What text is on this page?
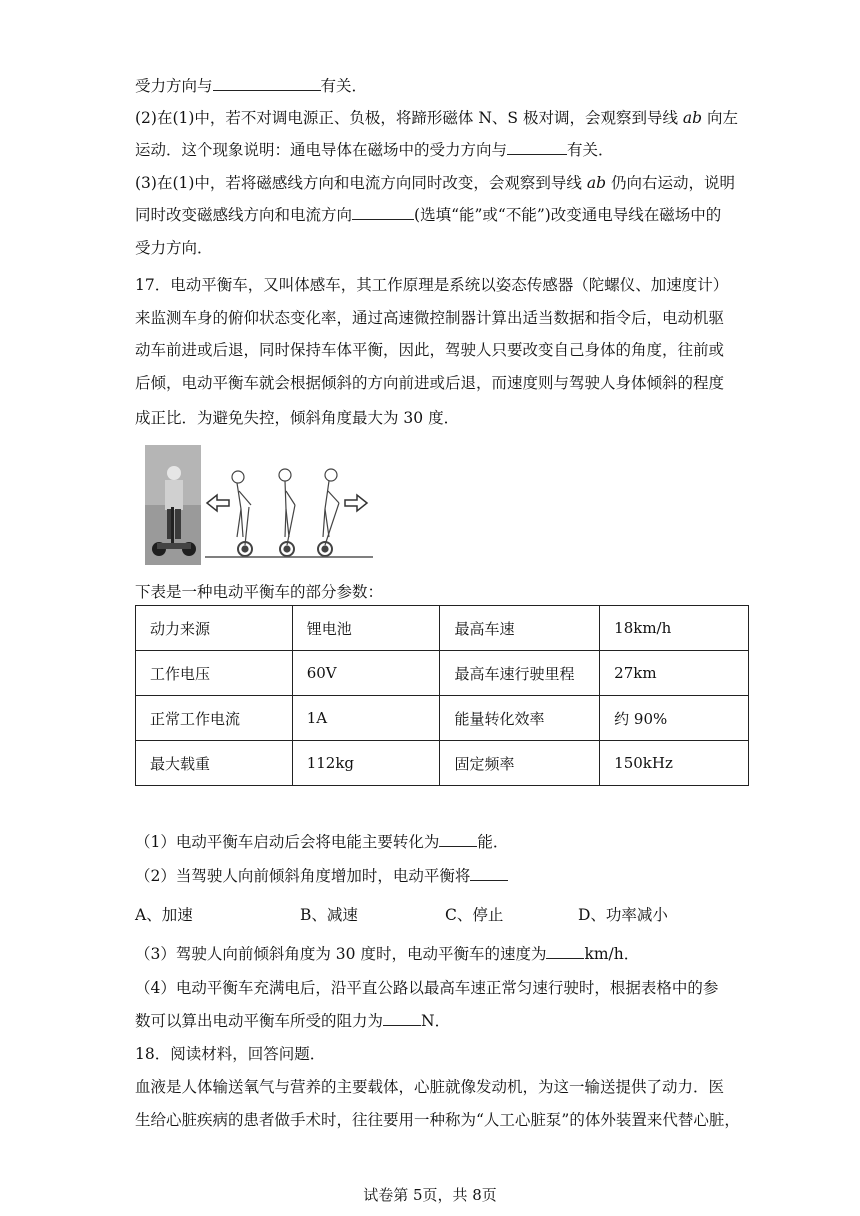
受力方向与	有关．
(2)在(1)中，若不对调电源正、负极，将蹄形磁体 N、S 极对调，会观察到导线 ab 向左
运动．这个现象说明：通电导体在磁场中的受力方向与	有关．
(3)在(1)中，若将磁感线方向和电流方向同时改变，会观察到导线 ab 仍向右运动，说明
同时改变磁感线方向和电流方向	(选填“能”或“不能”)改变通电导线在磁场中的
受力方向．
17．电动平衡车，又叫体感车，其工作原理是系统以姿态传感器（陀螺仪、加速度计）
来监测车身的俯仰状态变化率，通过高速微控制器计算出适当数据和指令后，电动机驱
动车前进或后退，同时保持车体平衡，因此，驾驶人只要改变自己身体的角度，往前或
后倾，电动平衡车就会根据倾斜的方向前进或后退，而速度则与驾驶人身体倾斜的程度
成正比．为避免失控，倾斜角度最大为 30 度．
下表是一种电动平衡车的部分参数：
动力来源	锂电池	最高车速	18km/h
工作电压	60V	最高车速行驶里程	27km
正常工作电流	1A	能量转化效率	约 90%
最大载重	112kg	固定频率	150kHz
（1）电动平衡车启动后会将电能主要转化为 能．
（2）当驾驶人向前倾斜角度增加时，电动平衡将
A、加速	B、减速	C、停止	D、功率减小
（3）驾驶人向前倾斜角度为 30 度时，电动平衡车的速度为 km/h．
（4）电动平衡车充满电后，沿平直公路以最高车速正常匀速行驶时，根据表格中的参
数可以算出电动平衡车所受的阻力为 N．
18．阅读材料，回答问题．
血液是人体输送氧气与营养的主要载体，心脏就像发动机，为这一输送提供了动力．医
生给心脏疾病的患者做手术时，往往要用一种称为“人工心脏泵”的体外装置来代替心脏，
试卷第 5页，共 8页
